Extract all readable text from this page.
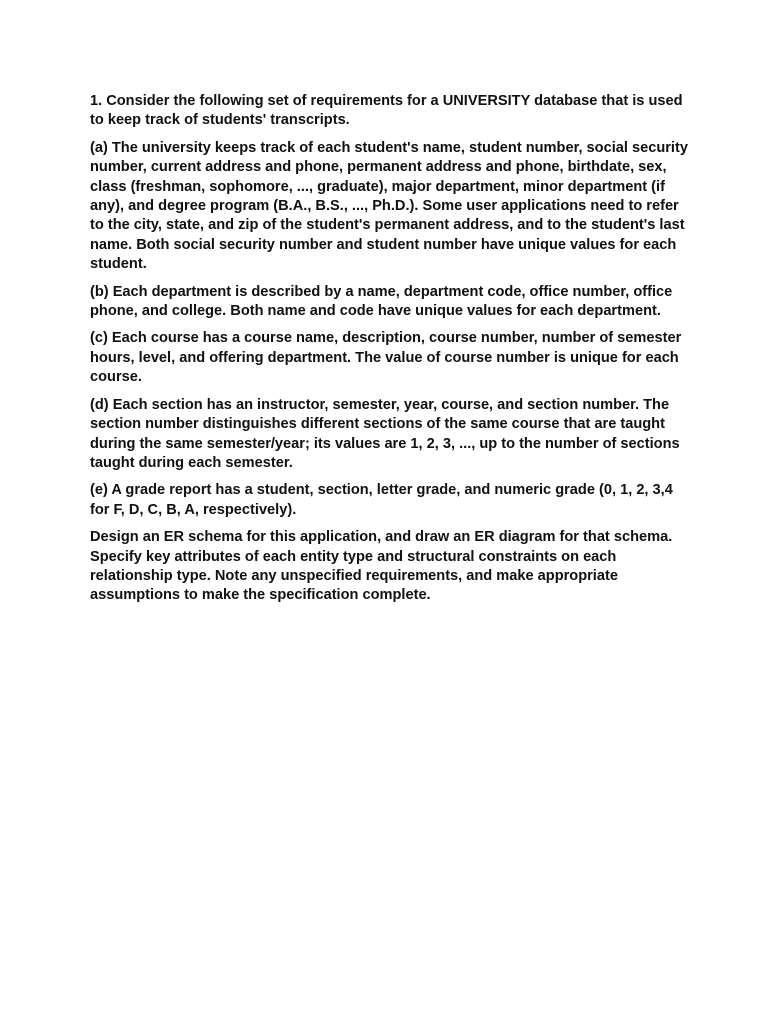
1. Consider the following set of requirements for a UNIVERSITY database that is used to keep track of students' transcripts.

(a) The university keeps track of each student's name, student number, social security number, current address and phone, permanent address and phone, birthdate, sex, class (freshman, sophomore, ..., graduate), major department, minor department (if any), and degree program (B.A., B.S., ..., Ph.D.). Some user applications need to refer to the city, state, and zip of the student's permanent address, and to the student's last name. Both social security number and student number have unique values for each student.

(b) Each department is described by a name, department code, office number, office phone, and college. Both name and code have unique values for each department.

(c) Each course has a course name, description, course number, number of semester hours, level, and offering department. The value of course number is unique for each course.

(d) Each section has an instructor, semester, year, course, and section number. The section number distinguishes different sections of the same course that are taught during the same semester/year; its values are 1, 2, 3, ..., up to the number of sections taught during each semester.

(e) A grade report has a student, section, letter grade, and numeric grade (0, 1, 2, 3,4 for F, D, C, B, A, respectively).

Design an ER schema for this application, and draw an ER diagram for that schema. Specify key attributes of each entity type and structural constraints on each relationship type. Note any unspecified requirements, and make appropriate assumptions to make the specification complete.
